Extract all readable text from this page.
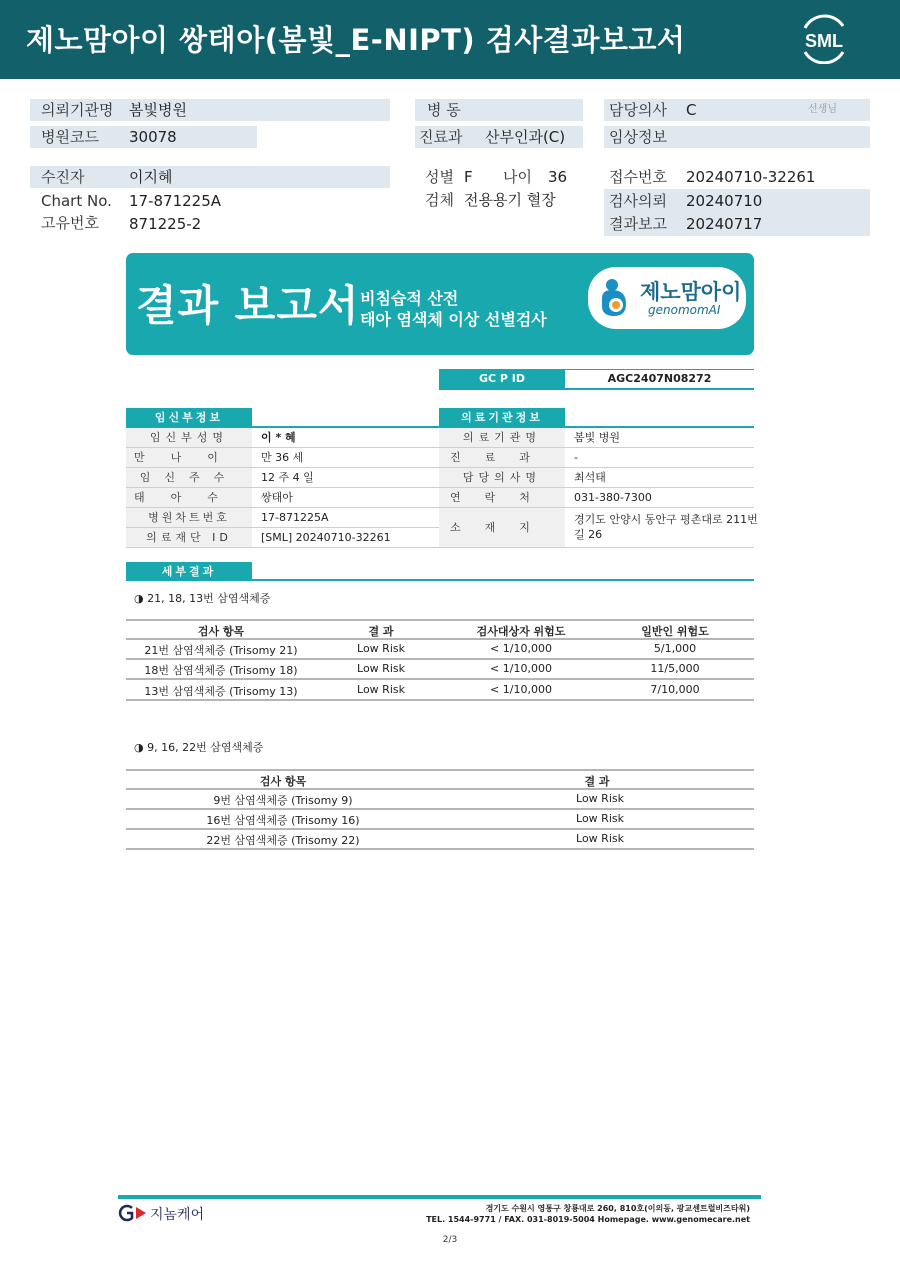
제노맘아이 쌍태아(봄빛_E-NIPT) 검사결과보고서	SML
의뢰기관명 봄빛병원
병원코드 30078
병 동
진료과 산부인과(C)
담당의사 C	선생님
임상정보
수진자	이지혜
Chart No. 17-871225A
고유번호 871225-2
성별 F 나이 36
검체 전용용기 혈장
접수번호 20240710-32261
검사의뢰 20240710
결과보고 20240717
결과 보고서 비침습적 산전
태아 염색체 이상 선별검사
제노맘아이
genomomAI
GC P ID	AGC2407N08272
임신부정보
임신부성명	이 * 혜
만나이	만 36 세
임신주수	12 주 4 일
태아수	쌍태아
병원차트번호	17-871225A
의료재단 ID	[SML] 20240710-32261
의료기관정보
의료기관명	봄빛 병원
진료과	-
담당의사명	최석태
연락처	031-380-7300
소재지
경기도 안양시 동안구 평촌대로 211번
길 26
세부결과
◑ 21, 18, 13번 삼염색체증
검사 항목	결 과	검사대상자 위험도	일반인 위험도
21번 삼염색체증 (Trisomy 21)	Low Risk	< 1/10,000	5/1,000
18번 삼염색체증 (Trisomy 18)	Low Risk	< 1/10,000	11/5,000
13번 삼염색체증 (Trisomy 13)	Low Risk	< 1/10,000	7/10,000
◑ 9, 16, 22번 삼염색체증
검사 항목	결 과
9번 삼염색체증 (Trisomy 9)	Low Risk
16번 삼염색체증 (Trisomy 16)	Low Risk
22번 삼염색체증 (Trisomy 22)	Low Risk
지놈케어	경기도 수원시 영통구 창룡대로 260, 810호(이의동, 광교센트럴비즈타워)
TEL. 1544-9771 / FAX. 031-8019-5004 Homepage. www.genomecare.net
2/3
